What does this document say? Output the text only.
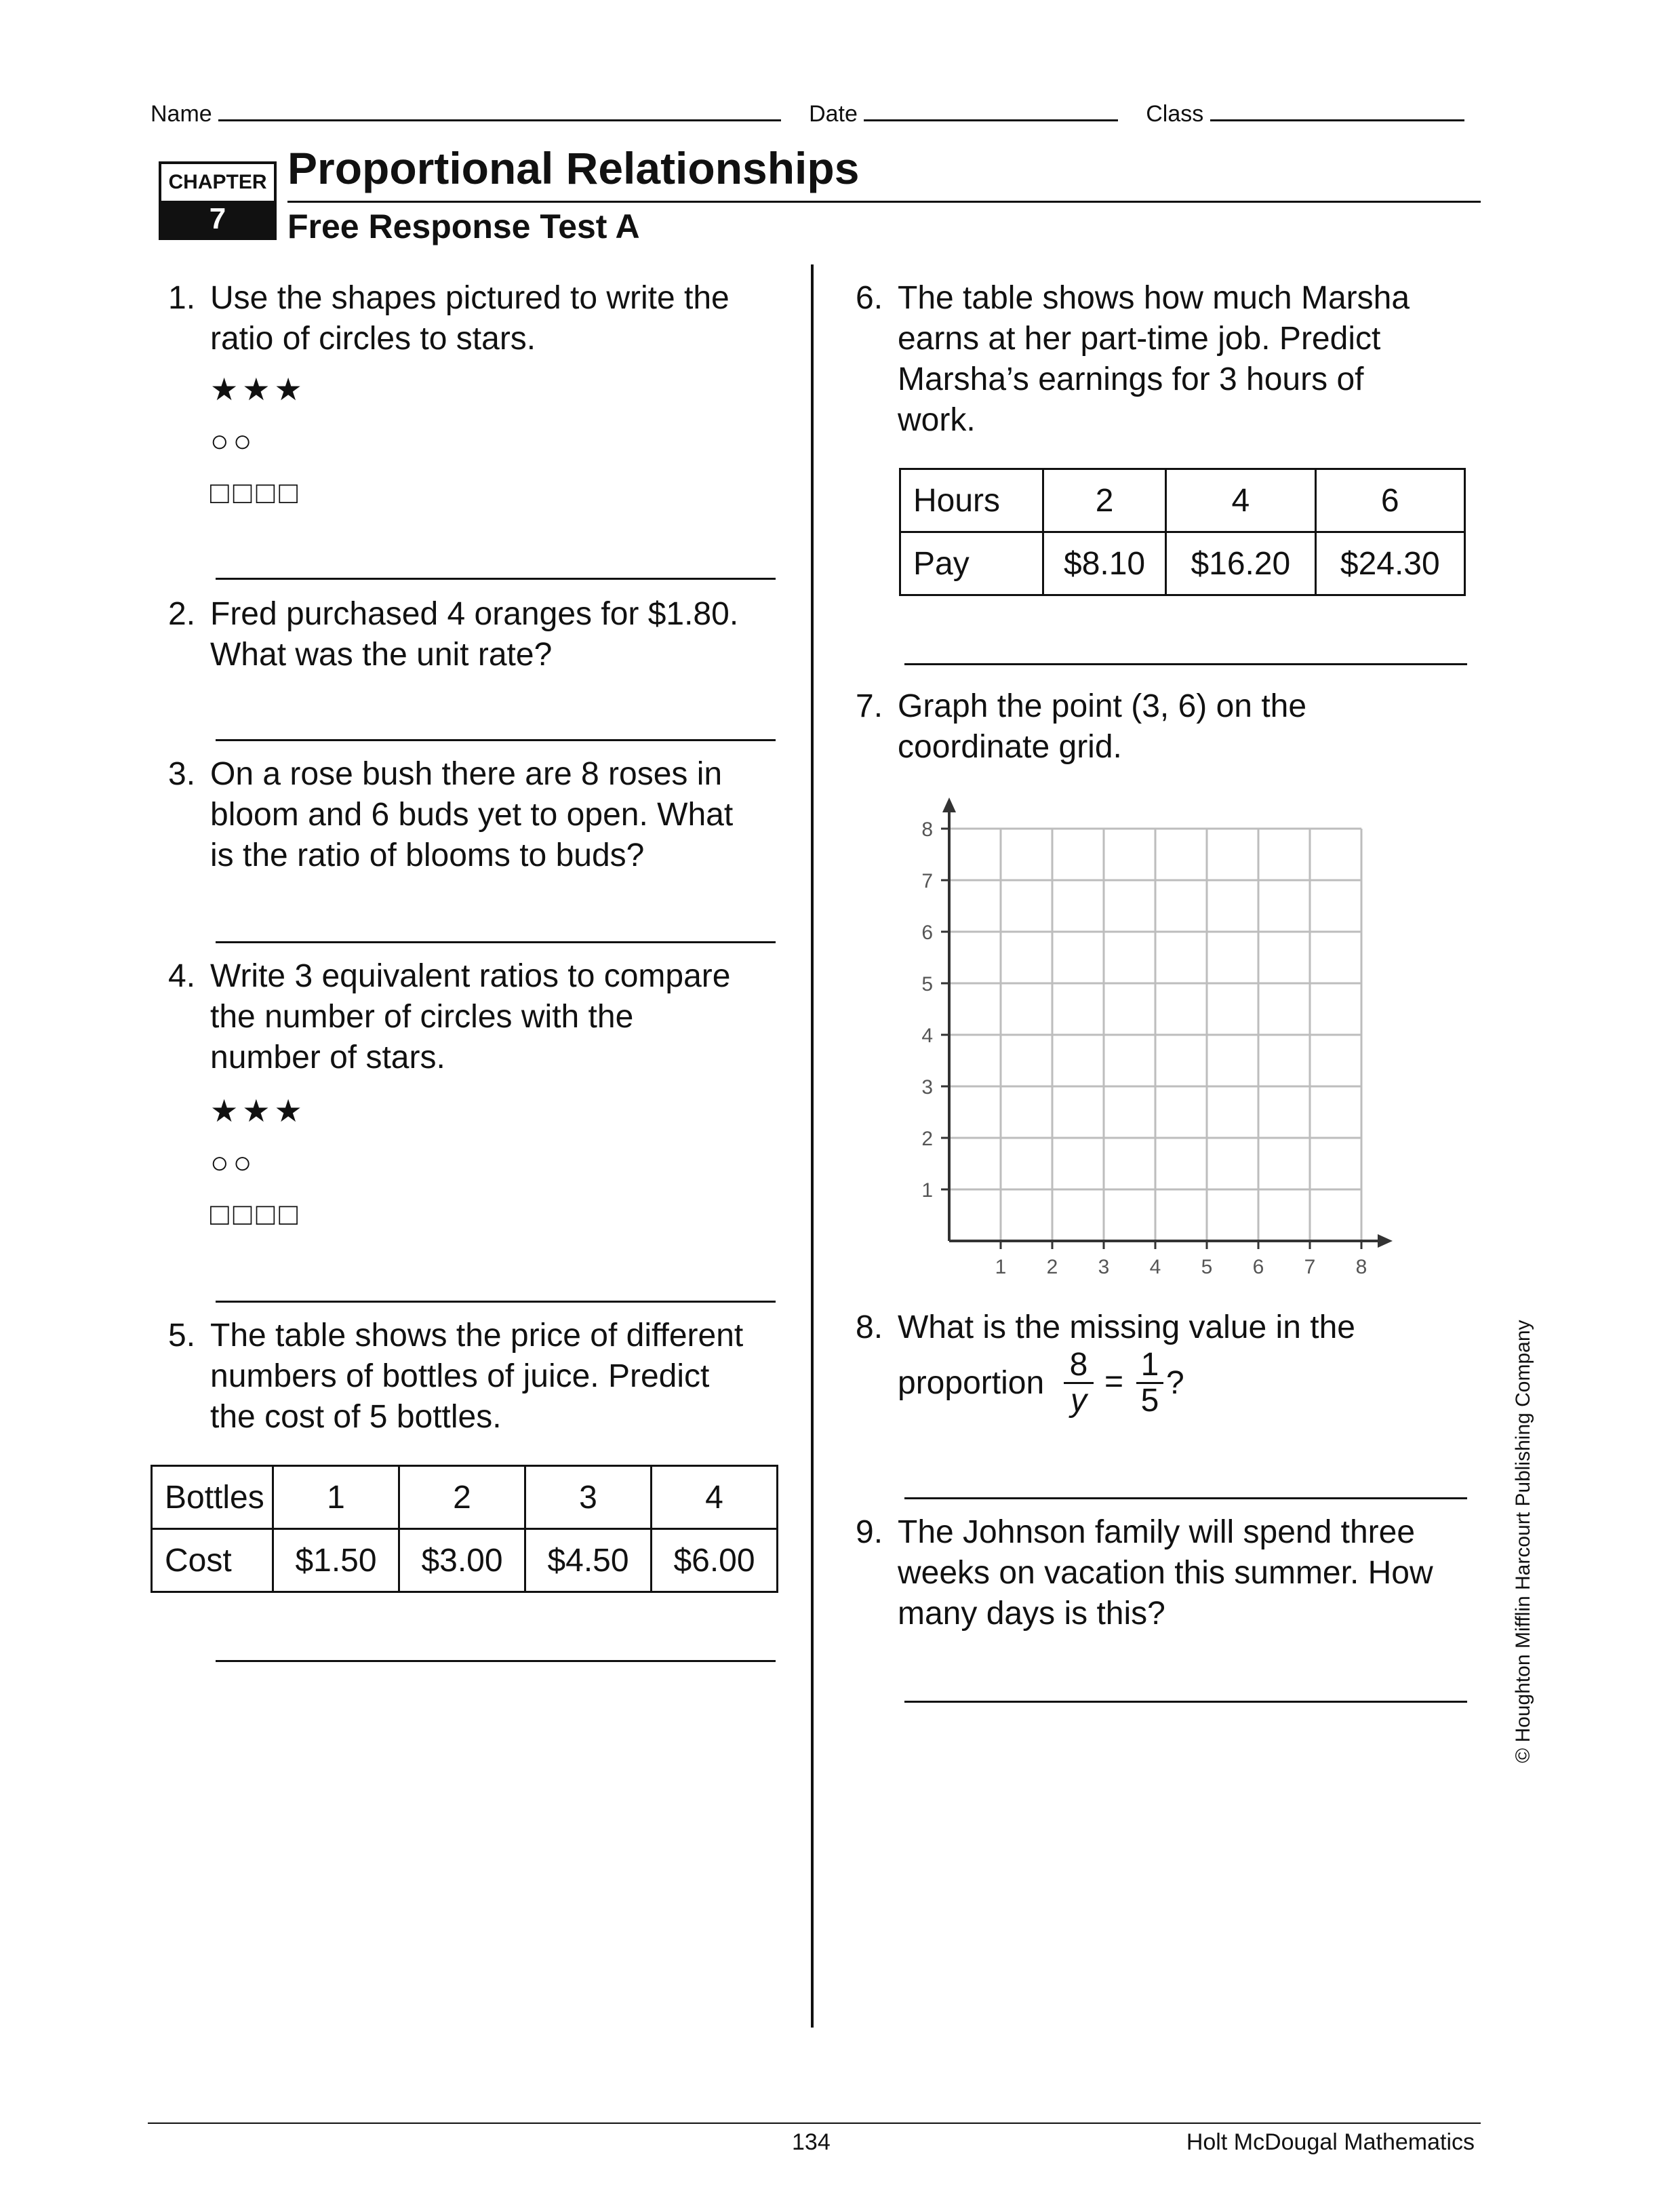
Name	Date	Class
CHAPTER
7
Proportional Relationships
Free Response Test A
1. Use the shapes pictured to write the
ratio of circles to stars.
★★★
○○
□□□□
2. Fred purchased 4 oranges for $1.80.
What was the unit rate?
3. On a rose bush there are 8 roses in
bloom and 6 buds yet to open. What
is the ratio of blooms to buds?
4. Write 3 equivalent ratios to compare
the number of circles with the
number of stars.
★★★
○○
□□□□
5. The table shows the price of different
numbers of bottles of juice. Predict
the cost of 5 bottles.
Bottles	1	2	3	4
Cost	$1.50	$3.00	$4.50	$6.00
6. The table shows how much Marsha
earns at her part-time job. Predict
Marsha’s earnings for 3 hours of
work.
Hours	2	4	6
Pay	$8.10	$16.20	$24.30
7. Graph the point (3, 6) on the
coordinate grid.
1 2 3 4 5 6 7 8
1
2
3
4
5
6
7
8
8. What is the missing value in the
proportion
8
y
= 1
5 ?
9. The Johnson family will spend three
weeks on vacation this summer. How
many days is this?	© Houghton Mifflin Harcourt Publishing Company
134	Holt McDougal Mathematics
